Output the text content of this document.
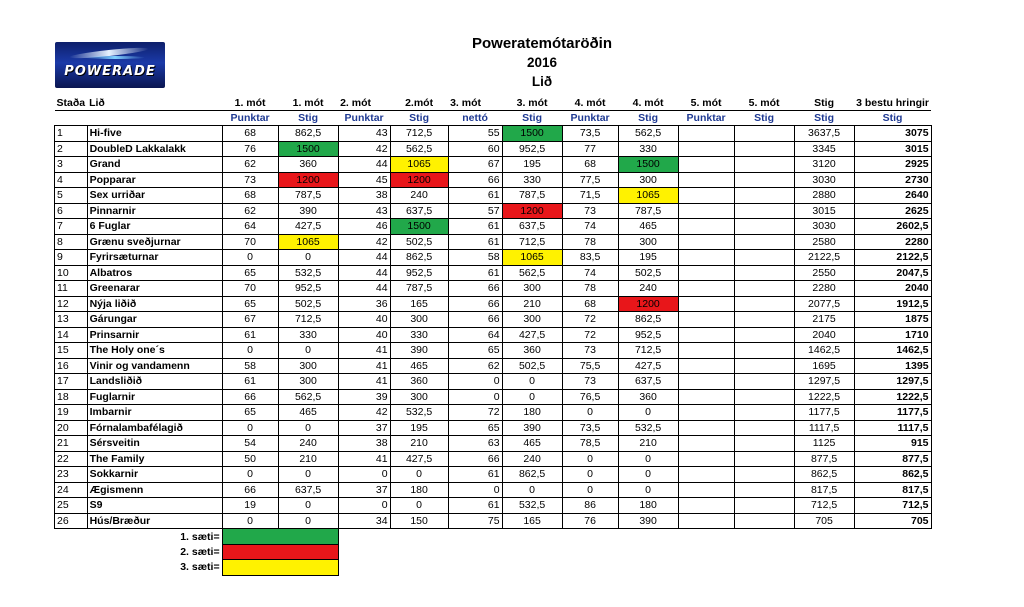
POWERADE
Poweratemótaröðin
2016
Lið
Staða	Lið	1. mót	1. mót	2. mót	2.mót	3. mót	3. mót	4. mót	4. mót	5. mót	5. mót	Stig	3 bestu hringir
		Punktar	Stig	Punktar	Stig	nettó	Stig	Punktar	Stig	Punktar	Stig	Stig	Stig
1	Hi-five	68	862,5	43	712,5	55	1500	73,5	562,5			3637,5	3075
2	DoubleD Lakkalakk	76	1500	42	562,5	60	952,5	77	330			3345	3015
3	Grand	62	360	44	1065	67	195	68	1500			3120	2925
4	Popparar	73	1200	45	1200	66	330	77,5	300			3030	2730
5	Sex urriðar	68	787,5	38	240	61	787,5	71,5	1065			2880	2640
6	Pinnarnir	62	390	43	637,5	57	1200	73	787,5			3015	2625
7	6 Fuglar	64	427,5	46	1500	61	637,5	74	465			3030	2602,5
8	Grænu sveðjurnar	70	1065	42	502,5	61	712,5	78	300			2580	2280
9	Fyrirsæturnar	0	0	44	862,5	58	1065	83,5	195			2122,5	2122,5
10	Albatros	65	532,5	44	952,5	61	562,5	74	502,5			2550	2047,5
11	Greenarar	70	952,5	44	787,5	66	300	78	240			2280	2040
12	Nýja liðið	65	502,5	36	165	66	210	68	1200			2077,5	1912,5
13	Gárungar	67	712,5	40	300	66	300	72	862,5			2175	1875
14	Prinsarnir	61	330	40	330	64	427,5	72	952,5			2040	1710
15	The Holy one´s	0	0	41	390	65	360	73	712,5			1462,5	1462,5
16	Vinir og vandamenn	58	300	41	465	62	502,5	75,5	427,5			1695	1395
17	Landsliðið	61	300	41	360	0	0	73	637,5			1297,5	1297,5
18	Fuglarnir	66	562,5	39	300	0	0	76,5	360			1222,5	1222,5
19	Imbarnir	65	465	42	532,5	72	180	0	0			1177,5	1177,5
20	Fórnalambafélagið	0	0	37	195	65	390	73,5	532,5			1117,5	1117,5
21	Sérsveitin	54	240	38	210	63	465	78,5	210			1125	915
22	The Family	50	210	41	427,5	66	240	0	0			877,5	877,5
23	Sokkarnir	0	0	0	0	61	862,5	0	0			862,5	862,5
24	Ægismenn	66	637,5	37	180	0	0	0	0			817,5	817,5
25	S9	19	0	0	0	61	532,5	86	180			712,5	712,5
26	Hús/Bræður	0	0	34	150	75	165	76	390			705	705
	1. sæti=												
	2. sæti=												
	3. sæti=												
